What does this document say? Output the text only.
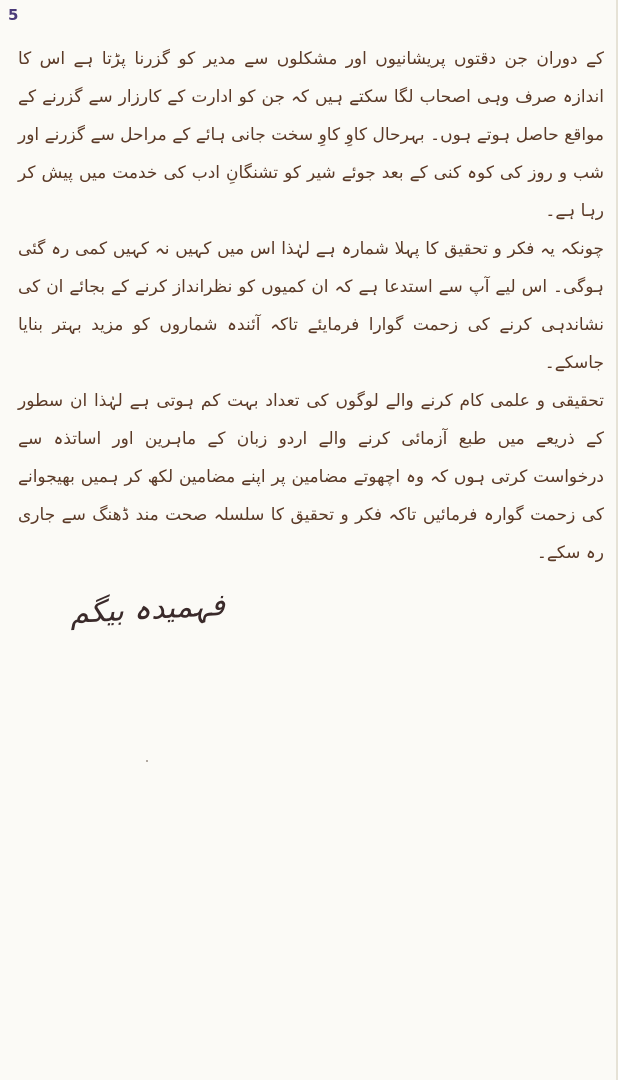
5

کے دوران جن دقتوں پریشانیوں اور مشکلوں سے مدیر کو گزرنا پڑتا ہے اس کا اندازہ صرف وہی اصحاب لگا سکتے ہیں کہ جن کو ادارت کے کارزار سے گزرنے کے مواقع حاصل ہوتے ہوں۔ بہرحال کاوِ کاوِ سخت جانی ہائے کے مراحل سے گزرنے اور شب و روز کی کوہ کنی کے بعد جوئے شیر کو تشنگانِ ادب کی خدمت میں پیش کر رہا ہے۔

چونکہ یہ فکر و تحقیق کا پہلا شمارہ ہے لہٰذا اس میں کہیں نہ کہیں کمی رہ گئی ہوگی۔ اس لیے آپ سے استدعا ہے کہ ان کمیوں کو نظرانداز کرنے کے بجائے ان کی نشاندہی کرنے کی زحمت گوارا فرمایئے تاکہ آئندہ شماروں کو مزید بہتر بنایا جاسکے۔

تحقیقی و علمی کام کرنے والے لوگوں کی تعداد بہت کم ہوتی ہے لہٰذا ان سطور کے ذریعے میں طبع آزمائی کرنے والے اردو زبان کے ماہرین اور اساتذہ سے درخواست کرتی ہوں کہ وہ اچھوتے مضامین پر اپنے مضامین لکھ کر ہمیں بھیجوانے کی زحمت گوارہ فرمائیں تاکہ فکر و تحقیق کا سلسلہ صحت مند ڈھنگ سے جاری رہ سکے۔

فہمیدہ بیگم
